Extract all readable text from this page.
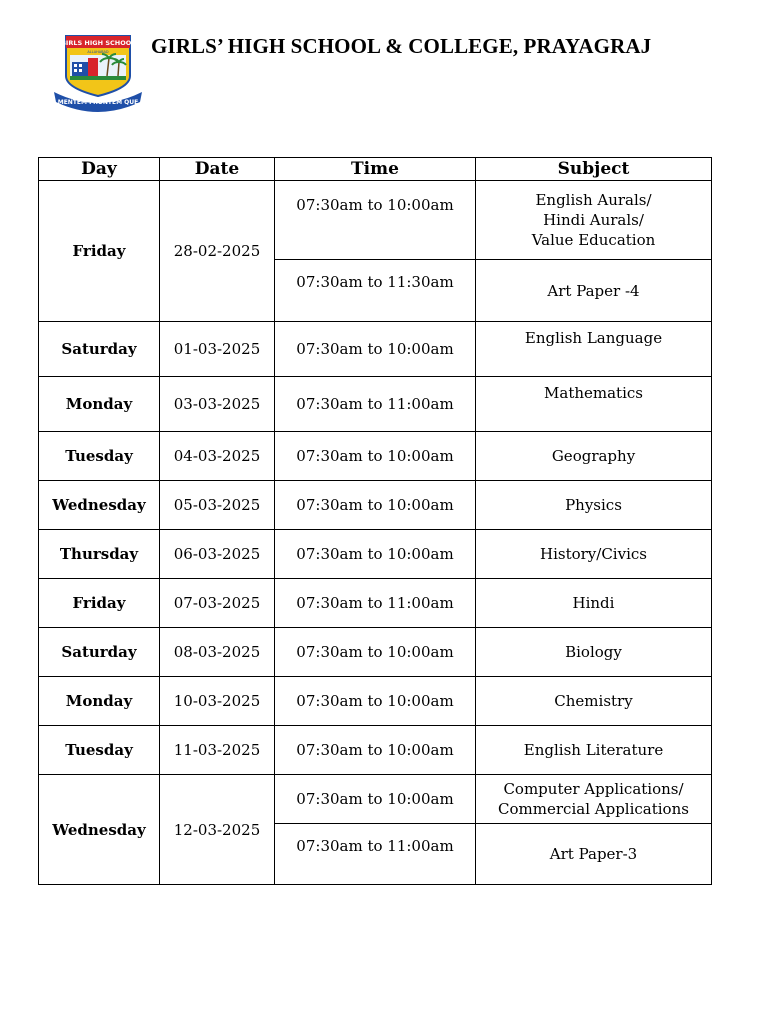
GIRLS HIGH SCHOOL
ALLAHABAD
MENTEM FRONTEM QUE
GIRLS’ HIGH SCHOOL & COLLEGE, PRAYAGRAJ
Day	Date	Time	Subject
Friday	28-02-2025	07:30am to 10:00am	English Aurals/
Hindi Aurals/
Value Education

		07:30am to 11:30am	Art Paper -4
Saturday	01-03-2025	07:30am to 10:00am	English Language
Monday	03-03-2025	07:30am to 11:00am	Mathematics
Tuesday	04-03-2025	07:30am to 10:00am	Geography
Wednesday	05-03-2025	07:30am to 10:00am	Physics
Thursday	06-03-2025	07:30am to 10:00am	History/Civics
Friday	07-03-2025	07:30am to 11:00am	Hindi
Saturday	08-03-2025	07:30am to 10:00am	Biology
Monday	10-03-2025	07:30am to 10:00am	Chemistry
Tuesday	11-03-2025	07:30am to 10:00am	English Literature
Wednesday	12-03-2025	07:30am to 10:00am	Computer Applications/
Commercial Applications

		07:30am to 11:00am	Art Paper-3
